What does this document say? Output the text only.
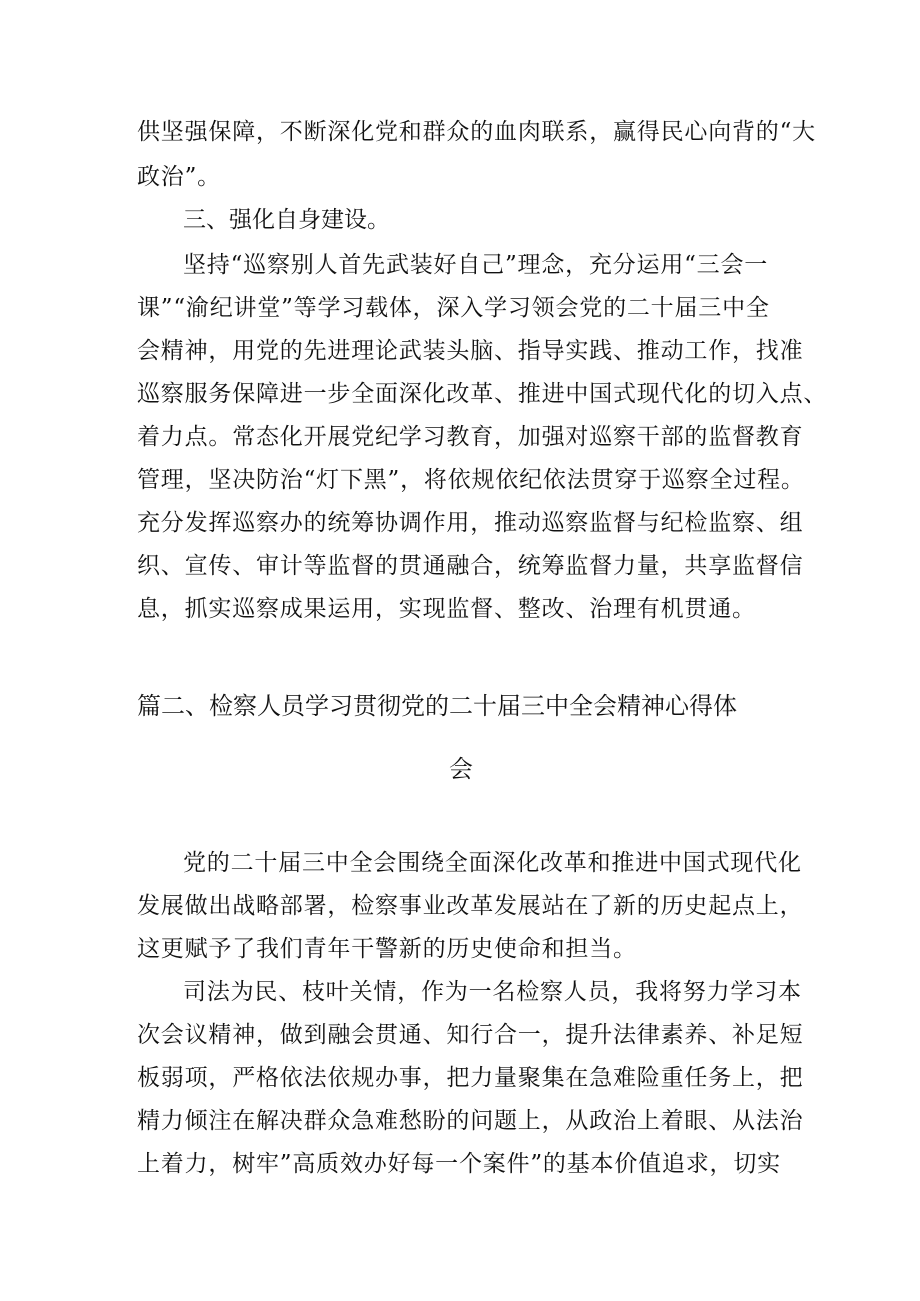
供坚强保障，不断深化党和群众的血肉联系，赢得民心向背的“大
政治”。
三、强化自身建设。
坚持“巡察别人首先武装好自己”理念，充分运用“三会一
课”“渝纪讲堂”等学习载体，深入学习领会党的二十届三中全
会精神，用党的先进理论武装头脑、指导实践、推动工作，找准
巡察服务保障进一步全面深化改革、推进中国式现代化的切入点、
着力点。常态化开展党纪学习教育，加强对巡察干部的监督教育
管理，坚决防治“灯下黑”，将依规依纪依法贯穿于巡察全过程。
充分发挥巡察办的统筹协调作用，推动巡察监督与纪检监察、组
织、宣传、审计等监督的贯通融合，统筹监督力量，共享监督信
息，抓实巡察成果运用，实现监督、整改、治理有机贯通。
篇二、检察人员学习贯彻党的二十届三中全会精神心得体
会
党的二十届三中全会围绕全面深化改革和推进中国式现代化
发展做出战略部署，检察事业改革发展站在了新的历史起点上，
这更赋予了我们青年干警新的历史使命和担当。
司法为民、枝叶关情，作为一名检察人员，我将努力学习本
次会议精神，做到融会贯通、知行合一，提升法律素养、补足短
板弱项，严格依法依规办事，把力量聚集在急难险重任务上，把
精力倾注在解决群众急难愁盼的问题上，从政治上着眼、从法治
上着力，树牢”高质效办好每一个案件”的基本价值追求，切实
